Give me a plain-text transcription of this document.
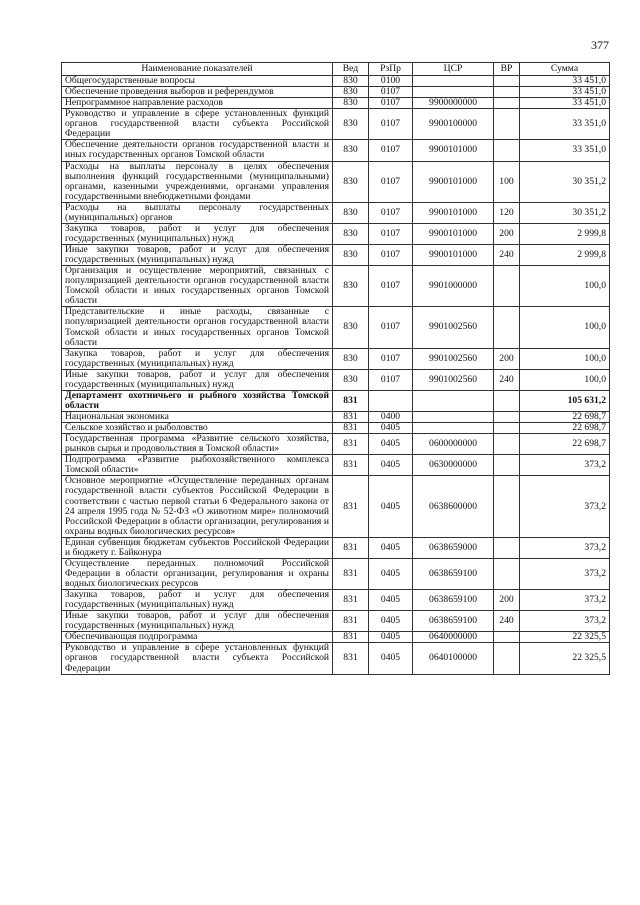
377
Наименование показателей	Вед	РзПр	ЦСР	ВР	Сумма
Общегосударственные вопросы	830	0100			33 451,0
Обеспечение проведения выборов и референдумов	830	0107			33 451,0
Непрограммное направление расходов	830	0107	9900000000		33 451,0
Руководство и управление в сфере установленных функций органов государственной власти субъекта Российской Федерации	830	0107	9900100000		33 351,0
Обеспечение деятельности органов государственной власти и иных государственных органов Томской области	830	0107	9900101000		33 351,0
Расходы на выплаты персоналу в целях обеспечения выполнения функций государственными (муниципальными) органами, казенными учреждениями, органами управления государственными внебюджетными фондами	830	0107	9900101000	100	30 351,2
Расходы на выплаты персоналу государственных (муниципальных) органов	830	0107	9900101000	120	30 351,2
Закупка товаров, работ и услуг для обеспечения государственных (муниципальных) нужд	830	0107	9900101000	200	2 999,8
Иные закупки товаров, работ и услуг для обеспечения государственных (муниципальных) нужд	830	0107	9900101000	240	2 999,8
Организация и осуществление мероприятий, связанных с популяризацией деятельности органов государственной власти Томской области и иных государственных органов Томской области	830	0107	9901000000		100,0
Представительские и иные расходы, связанные с популяризацией деятельности органов государственной власти Томской области и иных государственных органов Томской области	830	0107	9901002560		100,0
Закупка товаров, работ и услуг для обеспечения государственных (муниципальных) нужд	830	0107	9901002560	200	100,0
Иные закупки товаров, работ и услуг для обеспечения государственных (муниципальных) нужд	830	0107	9901002560	240	100,0
Департамент охотничьего и рыбного хозяйства Томской области	831				105 631,2
Национальная экономика	831	0400			22 698,7
Сельское хозяйство и рыболовство	831	0405			22 698,7
Государственная программа «Развитие сельского хозяйства, рынков сырья и продовольствия в Томской области»	831	0405	0600000000		22 698,7
Подпрограмма «Развитие рыбохозяйственного комплекса Томской области»	831	0405	0630000000		373,2
Основное мероприятие «Осуществление переданных органам государственной власти субъектов Российской Федерации в соответствии с частью первой статьи 6 Федерального закона от 24 апреля 1995 года № 52-ФЗ «О животном мире» полномочий Российской Федерации в области организации, регулирования и охраны водных биологических ресурсов»	831	0405	0638600000		373,2
Единая субвенция бюджетам субъектов Российской Федерации и бюджету г. Байконура	831	0405	0638659000		373,2
Осуществление переданных полномочий Российской Федерации в области организации, регулирования и охраны водных биологических ресурсов	831	0405	0638659100		373,2
Закупка товаров, работ и услуг для обеспечения государственных (муниципальных) нужд	831	0405	0638659100	200	373,2
Иные закупки товаров, работ и услуг для обеспечения государственных (муниципальных) нужд	831	0405	0638659100	240	373,2
Обеспечивающая подпрограмма	831	0405	0640000000		22 325,5
Руководство и управление в сфере установленных функций органов государственной власти субъекта Российской Федерации	831	0405	0640100000		22 325,5
